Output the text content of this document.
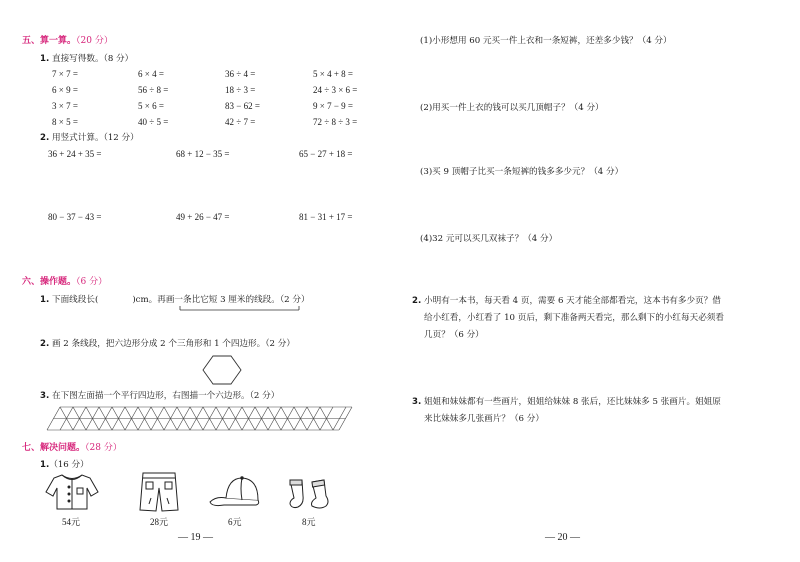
五、算一算。（20 分）
1. 直接写得数。（8 分）
7 × 7 =	6 × 4 =	36 ÷ 4 =	5 × 4 + 8 =
6 × 9 =	56 ÷ 8 =	18 ÷ 3 =	24 ÷ 3 × 6 =
3 × 7 =	5 × 6 =	83 − 62 =	9 × 7 − 9 =
8 × 5 =	40 ÷ 5 =	42 ÷ 7 =	72 ÷ 8 ÷ 3 =
2. 用竖式计算。（12 分）
36 + 24 + 35 =	68 + 12 − 35 =	65 − 27 + 18 =
80 − 37 − 43 =	49 + 26 − 47 =	81 − 31 + 17 =
六、操作题。（6 分）
1. 下面线段长(	)cm。再画一条比它短 3 厘米的线段。（2 分）
2. 画 2 条线段，把六边形分成 2 个三角形和 1 个四边形。（2 分）
3. 在下图左面描一个平行四边形，右图描一个六边形。（2 分）
七、解决问题。（28 分）
1.（16 分）
54元	28元	6元	8元
— 19 —
(1)小形想用 60 元买一件上衣和一条短裤，还差多少钱？（4 分）
(2)用买一件上衣的钱可以买几顶帽子？（4 分）
(3)买 9 顶帽子比买一条短裤的钱多多少元？（4 分）
(4)32 元可以买几双袜子？（4 分）
2. 小明有一本书，每天看 4 页，需要 6 天才能全部都看完，这本书有多少页？借
给小红看，小红看了 10 页后，剩下准备两天看完，那么剩下的小红每天必须看
几页？（6 分）
3. 姐姐和妹妹都有一些画片，姐姐给妹妹 8 张后，还比妹妹多 5 张画片。姐姐原
来比妹妹多几张画片？（6 分）
— 20 —
